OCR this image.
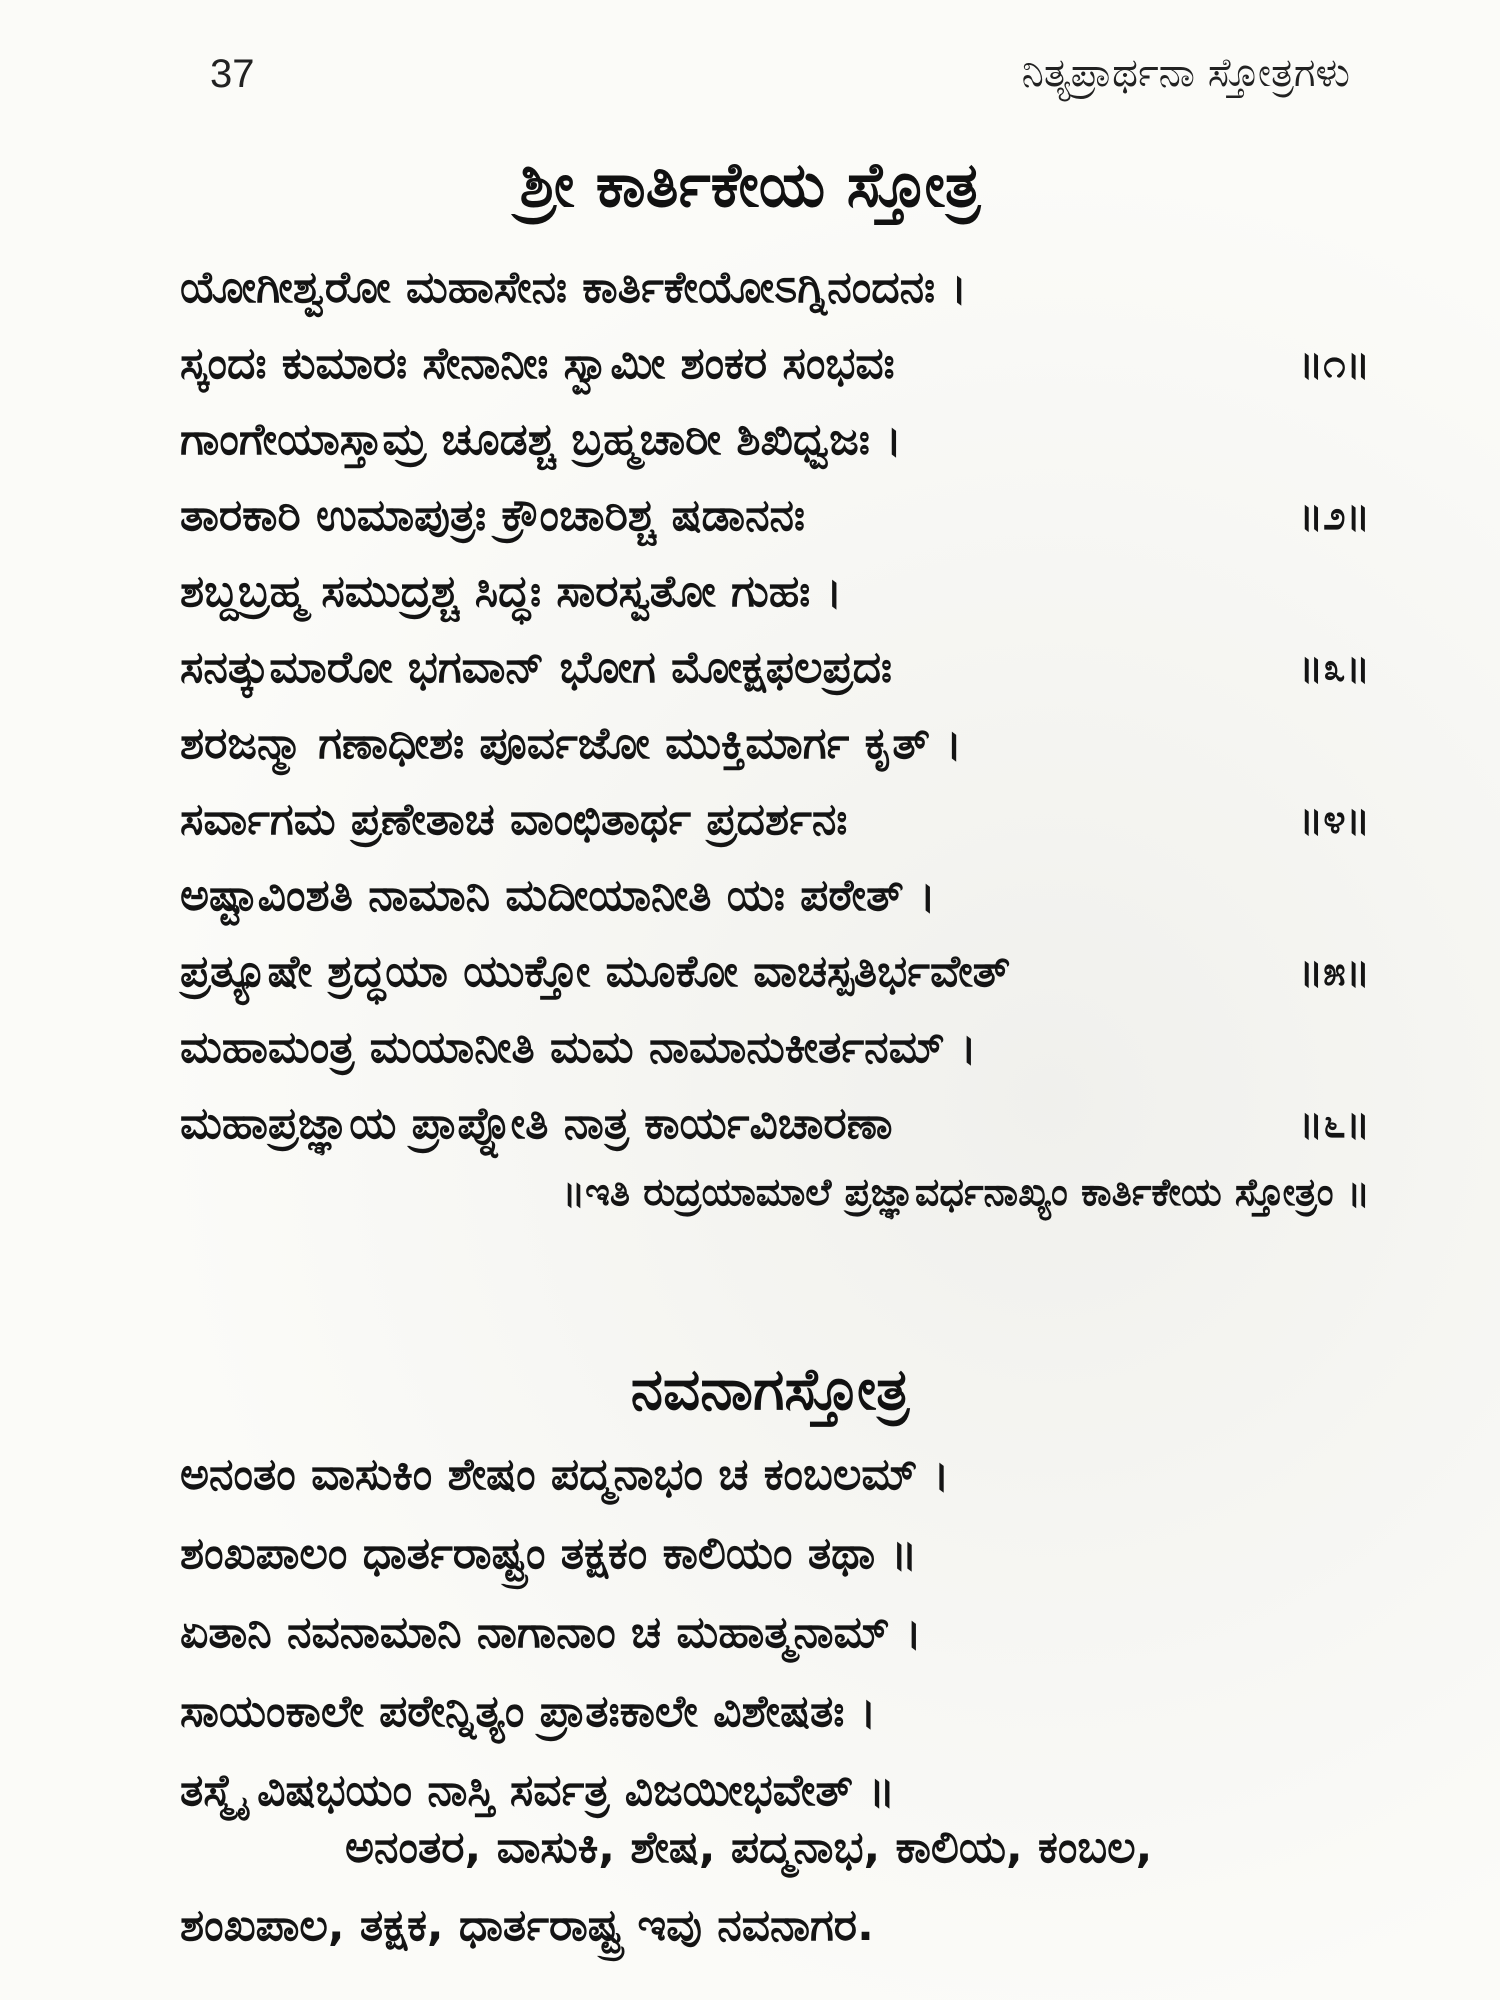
37	ನಿತ್ಯಪ್ರಾರ್ಥನಾ ಸ್ತೋತ್ರಗಳು
ಶ್ರೀ ಕಾರ್ತಿಕೇಯ ಸ್ತೋತ್ರ
ಯೋಗೀಶ್ವರೋ ಮಹಾಸೇನಃ ಕಾರ್ತಿಕೇಯೋಽಗ್ನಿನಂದನಃ ।
ಸ್ಕಂದಃ ಕುಮಾರಃ ಸೇನಾನೀಃ ಸ್ವಾಮೀ ಶಂಕರ ಸಂಭವಃ	॥೧॥
ಗಾಂಗೇಯಾಸ್ತಾಮ್ರ ಚೂಡಶ್ಚ ಬ್ರಹ್ಮಚಾರೀ ಶಿಖಿಧ್ವಜಃ ।
ತಾರಕಾರಿ ಉಮಾಪುತ್ರಃ ಕ್ರೌಂಚಾರಿಶ್ಚ ಷಡಾನನಃ	॥೨॥
ಶಬ್ದಬ್ರಹ್ಮ ಸಮುದ್ರಶ್ಚ ಸಿದ್ಧಃ ಸಾರಸ್ವತೋ ಗುಹಃ ।
ಸನತ್ಕುಮಾರೋ ಭಗವಾನ್ ಭೋಗ ಮೋಕ್ಷಫಲಪ್ರದಃ	॥೩॥
ಶರಜನ್ಮಾ ಗಣಾಧೀಶಃ ಪೂರ್ವಜೋ ಮುಕ್ತಿಮಾರ್ಗ ಕೃತ್ ।
ಸರ್ವಾಗಮ ಪ್ರಣೇತಾಚ ವಾಂಛಿತಾರ್ಥ ಪ್ರದರ್ಶನಃ	॥೪॥
ಅಷ್ಟಾವಿಂಶತಿ ನಾಮಾನಿ ಮದೀಯಾನೀತಿ ಯಃ ಪಠೇತ್ ।
ಪ್ರತ್ಯೂಷೇ ಶ್ರದ್ಧಯಾ ಯುಕ್ತೋ ಮೂಕೋ ವಾಚಸ್ಪತಿರ್ಭವೇತ್	॥೫॥
ಮಹಾಮಂತ್ರ ಮಯಾನೀತಿ ಮಮ ನಾಮಾನುಕೀರ್ತನಮ್ ।
ಮಹಾಪ್ರಜ್ಞಾಯ ಪ್ರಾಪ್ನೋ‌ತಿ ನಾತ್ರ ಕಾರ್ಯವಿಚಾರಣಾ	॥೬॥
॥ಇತಿ ರುದ್ರಯಾಮಾಲೆ ಪ್ರಜ್ಞಾವರ್ಧನಾಖ್ಯಂ ಕಾರ್ತಿಕೇಯ ಸ್ತೋತ್ರಂ ॥
ನವನಾಗಸ್ತೋತ್ರ
ಅನಂತಂ ವಾಸುಕಿಂ ಶೇಷಂ ಪದ್ಮನಾಭಂ ಚ ಕಂಬಲಮ್ ।
ಶಂಖಪಾಲಂ ಧಾರ್ತರಾಷ್ಟ್ರಂ ತಕ್ಷಕಂ ಕಾಲಿಯಂ ತಥಾ ॥
ಏತಾನಿ ನವನಾಮಾನಿ ನಾಗಾನಾಂ ಚ ಮಹಾತ್ಮನಾಮ್ ।
ಸಾಯಂಕಾಲೇ ಪಠೇನ್ನಿತ್ಯಂ ಪ್ರಾತಃಕಾಲೇ ವಿಶೇಷತಃ ।
ತಸ್ಮೈ ವಿಷಭಯಂ ನಾಸ್ತಿ ಸರ್ವತ್ರ ವಿಜಯೀಭವೇತ್ ॥
ಅನಂತರ, ವಾಸುಕಿ, ಶೇಷ, ಪದ್ಮನಾಭ, ಕಾಲಿಯ, ಕಂಬಲ,
ಶಂಖಪಾಲ, ತಕ್ಷಕ, ಧಾರ್ತರಾಷ್ಟ್ರ ಇವು ನವನಾಗರ.
